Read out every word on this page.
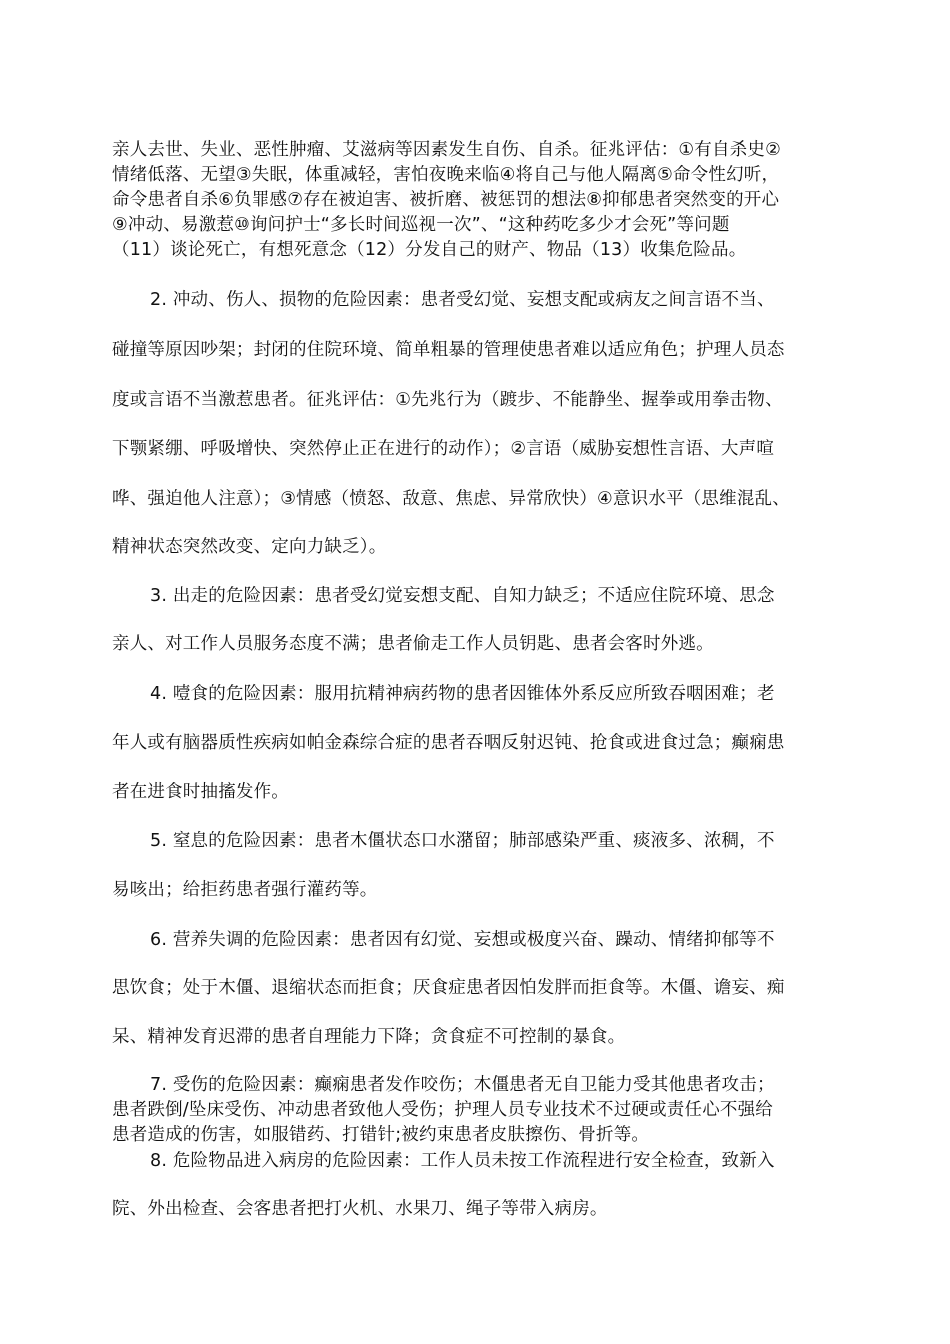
亲人去世、失业、恶性肿瘤、艾滋病等因素发生自伤、自杀。征兆评估：①有自杀史②
情绪低落、无望③失眠，体重减轻，害怕夜晚来临④将自己与他人隔离⑤命令性幻听，
命令患者自杀⑥负罪感⑦存在被迫害、被折磨、被惩罚的想法⑧抑郁患者突然变的开心
⑨冲动、易激惹⑩询问护士“多长时间巡视一次”、“这种药吃多少才会死”等问题
（11）谈论死亡，有想死意念（12）分发自己的财产、物品（13）收集危险品。
2. 冲动、伤人、损物的危险因素：患者受幻觉、妄想支配或病友之间言语不当、
碰撞等原因吵架；封闭的住院环境、简单粗暴的管理使患者难以适应角色；护理人员态
度或言语不当激惹患者。征兆评估：①先兆行为（踱步、不能静坐、握拳或用拳击物、
下颚紧绷、呼吸增快、突然停止正在进行的动作）；②言语（威胁妄想性言语、大声喧
哗、强迫他人注意）；③情感（愤怒、敌意、焦虑、异常欣快）④意识水平（思维混乱、
精神状态突然改变、定向力缺乏）。
3. 出走的危险因素：患者受幻觉妄想支配、自知力缺乏；不适应住院环境、思念
亲人、对工作人员服务态度不满；患者偷走工作人员钥匙、患者会客时外逃。
4. 噎食的危险因素：服用抗精神病药物的患者因锥体外系反应所致吞咽困难；老
年人或有脑器质性疾病如帕金森综合症的患者吞咽反射迟钝、抢食或进食过急；癫痫患
者在进食时抽搐发作。
5. 窒息的危险因素：患者木僵状态口水潴留；肺部感染严重、痰液多、浓稠，不
易咳出；给拒药患者强行灌药等。
6. 营养失调的危险因素：患者因有幻觉、妄想或极度兴奋、躁动、情绪抑郁等不
思饮食；处于木僵、退缩状态而拒食；厌食症患者因怕发胖而拒食等。木僵、谵妄、痴
呆、精神发育迟滞的患者自理能力下降；贪食症不可控制的暴食。
7. 受伤的危险因素：癫痫患者发作咬伤；木僵患者无自卫能力受其他患者攻击；
患者跌倒/坠床受伤、冲动患者致他人受伤；护理人员专业技术不过硬或责任心不强给
患者造成的伤害，如服错药、打错针;被约束患者皮肤擦伤、骨折等。
8. 危险物品进入病房的危险因素：工作人员未按工作流程进行安全检查，致新入
院、外出检查、会客患者把打火机、水果刀、绳子等带入病房。
